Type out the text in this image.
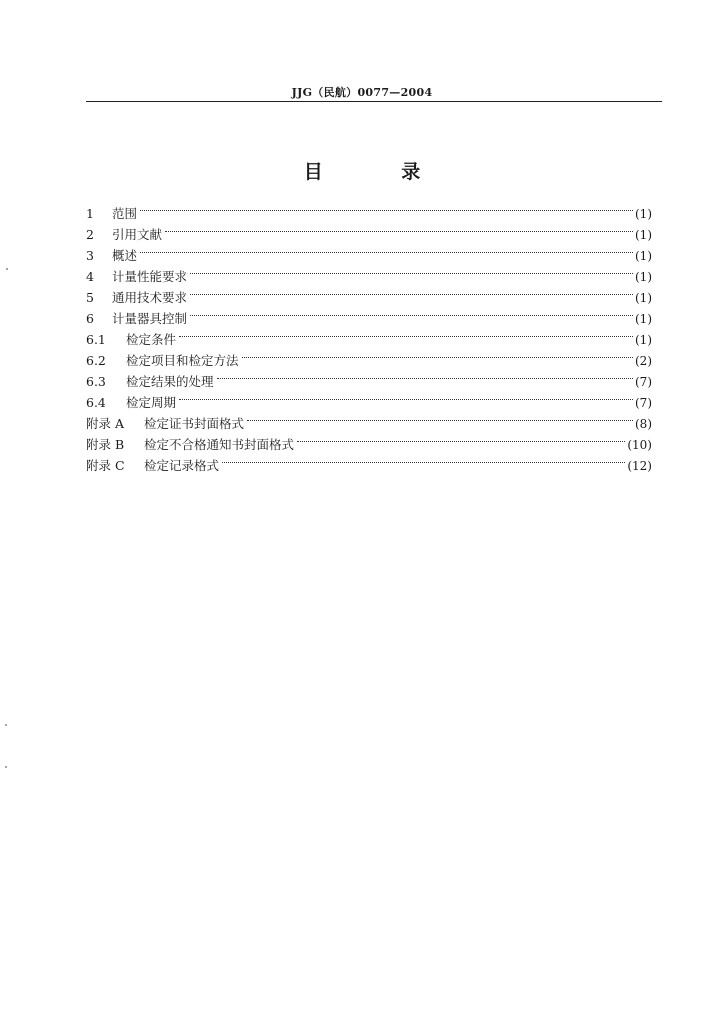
JJG（民航）0077—2004
目 录
1	范围	(1)
2	引用文献	(1)
3	概述	(1)
4	计量性能要求	(1)
5	通用技术要求	(1)
6	计量器具控制	(1)
6.1	检定条件	(1)
6.2	检定项目和检定方法	(2)
6.3	检定结果的处理	(7)
6.4	检定周期	(7)
附录 A	检定证书封面格式	(8)
附录 B	检定不合格通知书封面格式	(10)
附录 C	检定记录格式	(12)
